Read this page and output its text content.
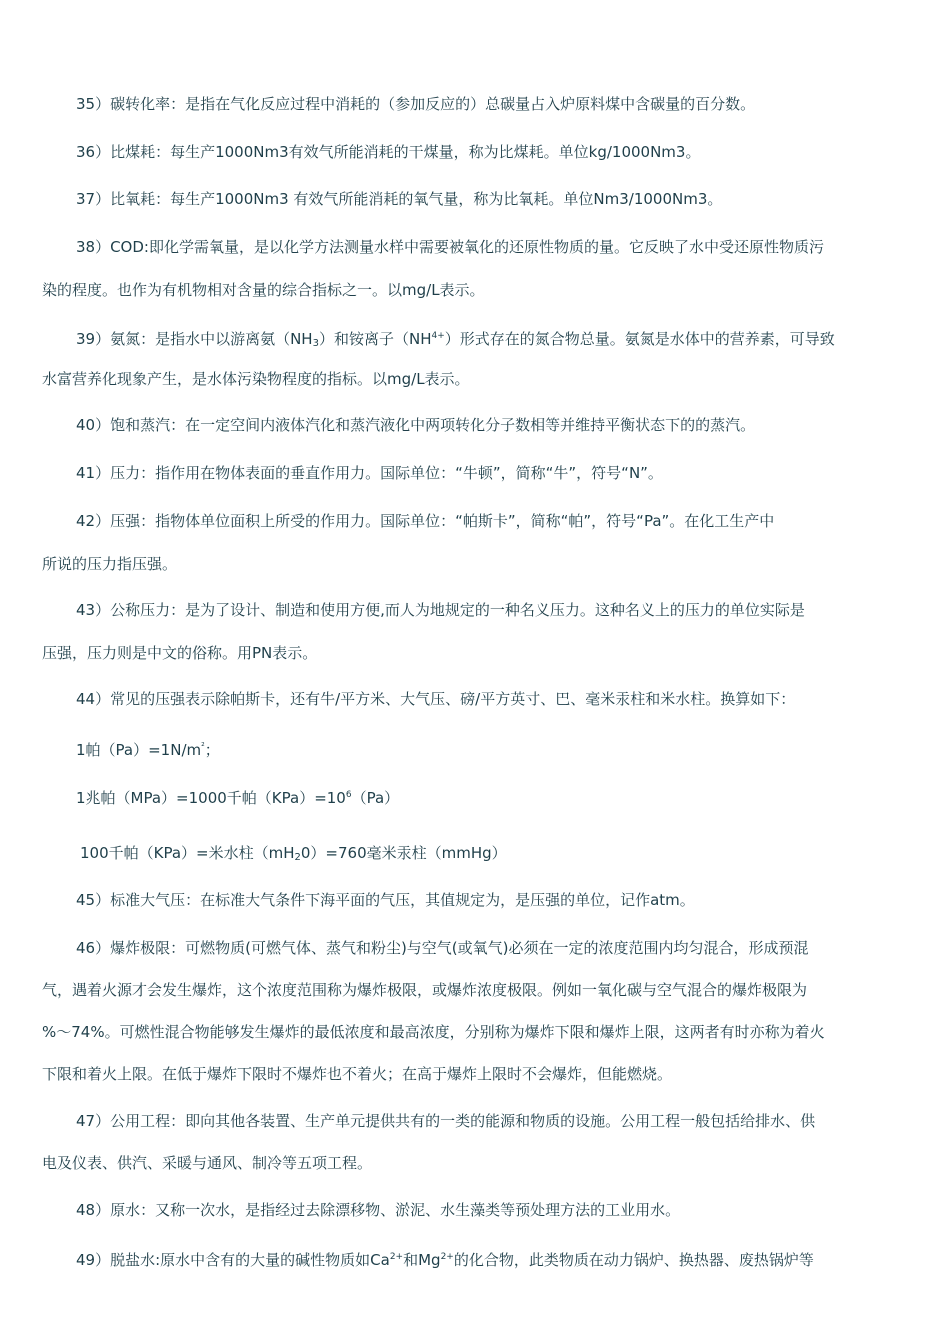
35）碳转化率：是指在气化反应过程中消耗的（参加反应的）总碳量占入炉原料煤中含碳量的百分数。
36）比煤耗：每生产1000Nm3有效气所能消耗的干煤量，称为比煤耗。单位kg/1000Nm3。
37）比氧耗：每生产1000Nm3 有效气所能消耗的氧气量，称为比氧耗。单位Nm3/1000Nm3。
38）COD:即化学需氧量，是以化学方法测量水样中需要被氧化的还原性物质的量。它反映了水中受还原性物质污
染的程度。也作为有机物相对含量的综合指标之一。以mg/L表示。
39）氨氮：是指水中以游离氨$(NH_3)$和铵离子$(NH^{4+})$形式存在的氮合物总量。氨氮是水体中的营养素，可导致
水富营养化现象产生，是水体污染物程度的指标。以mg/L表示。
40）饱和蒸汽：在一定空间内液体汽化和蒸汽液化中两项转化分子数相等并维持平衡状态下的的蒸汽。
41）压力：指作用在物体表面的垂直作用力。国际单位：“牛顿”，简称“牛”，符号“N”。
42）压强：指物体单位面积上所受的作用力。国际单位：“帕斯卡”，简称“帕”，符号“Pa”。在化工生产中
所说的压力指压强。
43）公称压力：是为了设计、制造和使用方便,而人为地规定的一种名义压力。这种名义上的压力的单位实际是
压强，压力则是中文的俗称。用PN表示。
44）常见的压强表示除帕斯卡，还有牛/平方米、大气压、磅/平方英寸、巴、毫米汞柱和米水柱。换算如下：
1帕$(Pa)=1N/m^{^2}$；
1兆帕（MPa）=1000千帕$(KPa)=10^6(Pa)$
100千帕（KPa）=米水柱$(mH_20)=760$毫米汞柱（mmHg）
45）标准大气压：在标准大气条件下海平面的气压，其值规定为，是压强的单位，记作atm。
46）爆炸极限：可燃物质(可燃气体、蒸气和粉尘)与空气(或氧气)必须在一定的浓度范围内均匀混合，形成预混
气，遇着火源才会发生爆炸，这个浓度范围称为爆炸极限，或爆炸浓度极限。例如一氧化碳与空气混合的爆炸极限为
%～74%。可燃性混合物能够发生爆炸的最低浓度和最高浓度，分别称为爆炸下限和爆炸上限，这两者有时亦称为着火
下限和着火上限。在低于爆炸下限时不爆炸也不着火；在高于爆炸上限时不会爆炸，但能燃烧。
47）公用工程：即向其他各装置、生产单元提供共有的一类的能源和物质的设施。公用工程一般包括给排水、供
电及仪表、供汽、采暖与通风、制冷等五项工程。
48）原水：又称一次水，是指经过去除漂移物、淤泥、水生藻类等预处理方法的工业用水。
49）脱盐水:原水中含有的大量的碱性物质如$Ca^{2+}$和$Mg^{2+}$的化合物，此类物质在动力锅炉、换热器、废热锅炉等
